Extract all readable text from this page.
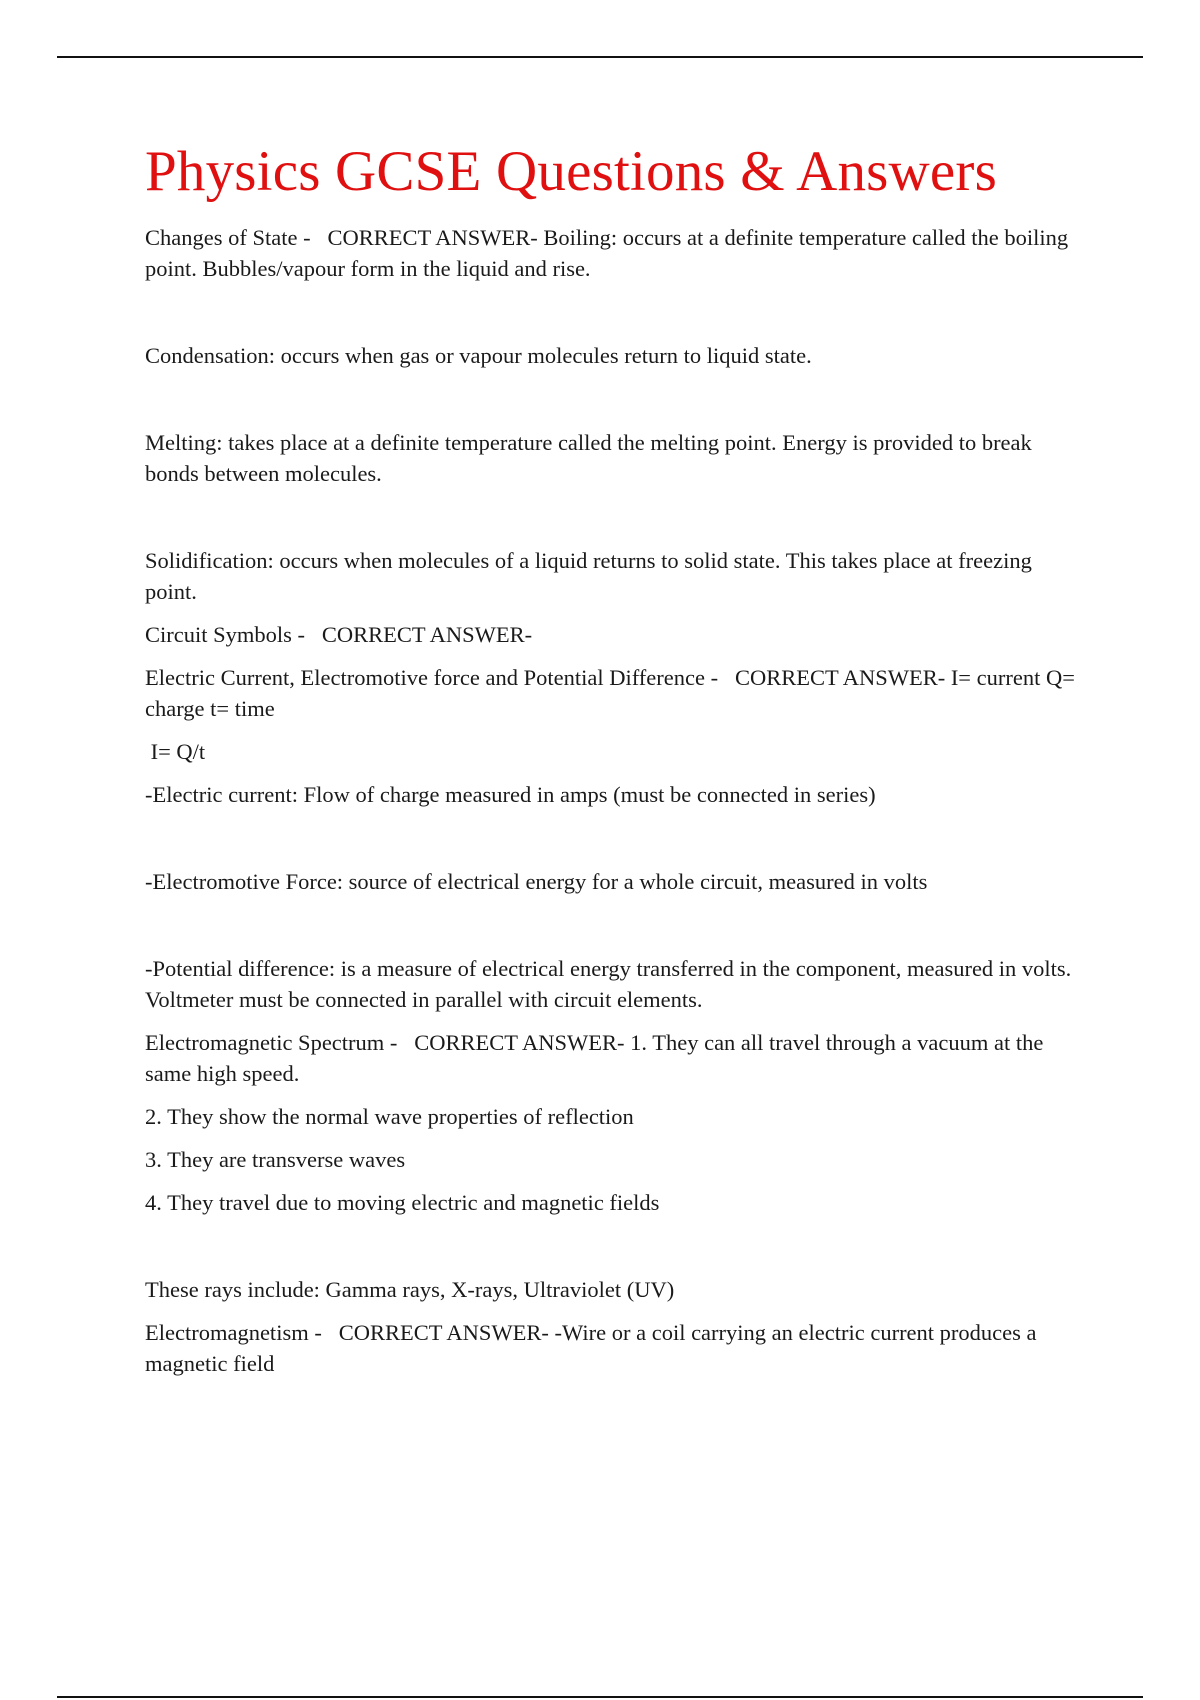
Physics GCSE Questions & Answers

Changes of State -   CORRECT ANSWER- Boiling: occurs at a definite temperature called the boiling point. Bubbles/vapour form in the liquid and rise.

Condensation: occurs when gas or vapour molecules return to liquid state.

Melting: takes place at a definite temperature called the melting point. Energy is provided to break bonds between molecules.

Solidification: occurs when molecules of a liquid returns to solid state. This takes place at freezing point.

Circuit Symbols -   CORRECT ANSWER-

Electric Current, Electromotive force and Potential Difference -   CORRECT ANSWER- I= current Q= charge t= time

I= Q/t

-Electric current: Flow of charge measured in amps (must be connected in series)

-Electromotive Force: source of electrical energy for a whole circuit, measured in volts

-Potential difference: is a measure of electrical energy transferred in the component, measured in volts. Voltmeter must be connected in parallel with circuit elements.

Electromagnetic Spectrum -   CORRECT ANSWER- 1. They can all travel through a vacuum at the same high speed.

2. They show the normal wave properties of reflection

3. They are transverse waves

4. They travel due to moving electric and magnetic fields

These rays include: Gamma rays, X-rays, Ultraviolet (UV)

Electromagnetism -   CORRECT ANSWER- -Wire or a coil carrying an electric current produces a magnetic field
